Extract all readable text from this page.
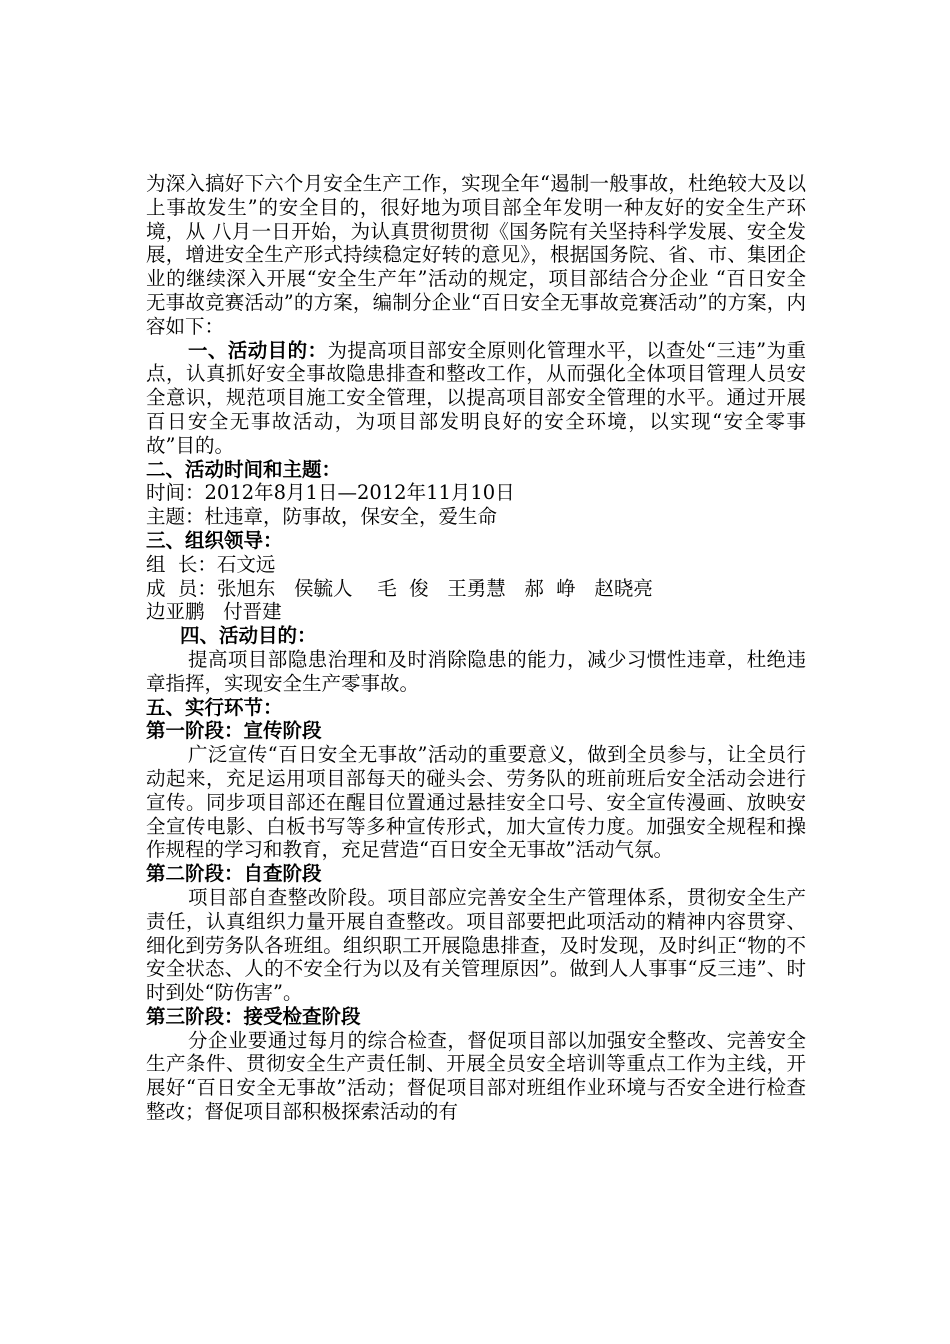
为深入搞好下六个月安全生产工作，实现全年“遏制一般事故，杜绝较大及以上事故发生”的安全目的，很好地为项目部全年发明一种友好的安全生产环境，从 八月一日开始，为认真贯彻贯彻《国务院有关坚持科学发展、安全发展，增进安全生产形式持续稳定好转的意见》，根据国务院、省、市、集团企业的继续深入开展“安全生产年”活动的规定，项目部结合分企业 “百日安全无事故竞赛活动”的方案，编制分企业“百日安全无事故竞赛活动”的方案，内容如下：

一、活动目的：为提高项目部安全原则化管理水平，以查处“三违”为重点，认真抓好安全事故隐患排查和整改工作，从而强化全体项目管理人员安全意识，规范项目施工安全管理，以提高项目部安全管理的水平。通过开展百日安全无事故活动，为项目部发明良好的安全环境，以实现“安全零事故”目的。

二、活动时间和主题：

时间：2012年8月1日—2012年11月10日

主题：杜违章，防事故，保安全，爱生命

三、组织领导：

组  长：石文远

成  员：张旭东   侯毓人    毛  俊   王勇慧   郝  峥   赵晓亮

边亚鹏   付晋建

四、活动目的：

提高项目部隐患治理和及时消除隐患的能力，减少习惯性违章，杜绝违章指挥，实现安全生产零事故。

五、实行环节：

第一阶段：宣传阶段

广泛宣传“百日安全无事故”活动的重要意义，做到全员参与，让全员行动起来，充足运用项目部每天的碰头会、劳务队的班前班后安全活动会进行宣传。同步项目部还在醒目位置通过悬挂安全口号、安全宣传漫画、放映安全宣传电影、白板书写等多种宣传形式，加大宣传力度。加强安全规程和操作规程的学习和教育，充足营造“百日安全无事故”活动气氛。

第二阶段：自查阶段

项目部自查整改阶段。项目部应完善安全生产管理体系，贯彻安全生产责任，认真组织力量开展自查整改。项目部要把此项活动的精神内容贯穿、细化到劳务队各班组。组织职工开展隐患排查，及时发现，及时纠正“物的不安全状态、人的不安全行为以及有关管理原因”。做到人人事事“反三违”、时时到处“防伤害”。

第三阶段：接受检查阶段

分企业要通过每月的综合检查，督促项目部以加强安全整改、完善安全生产条件、贯彻安全生产责任制、开展全员安全培训等重点工作为主线，开展好“百日安全无事故”活动；督促项目部对班组作业环境与否安全进行检查整改；督促项目部积极探索活动的有
